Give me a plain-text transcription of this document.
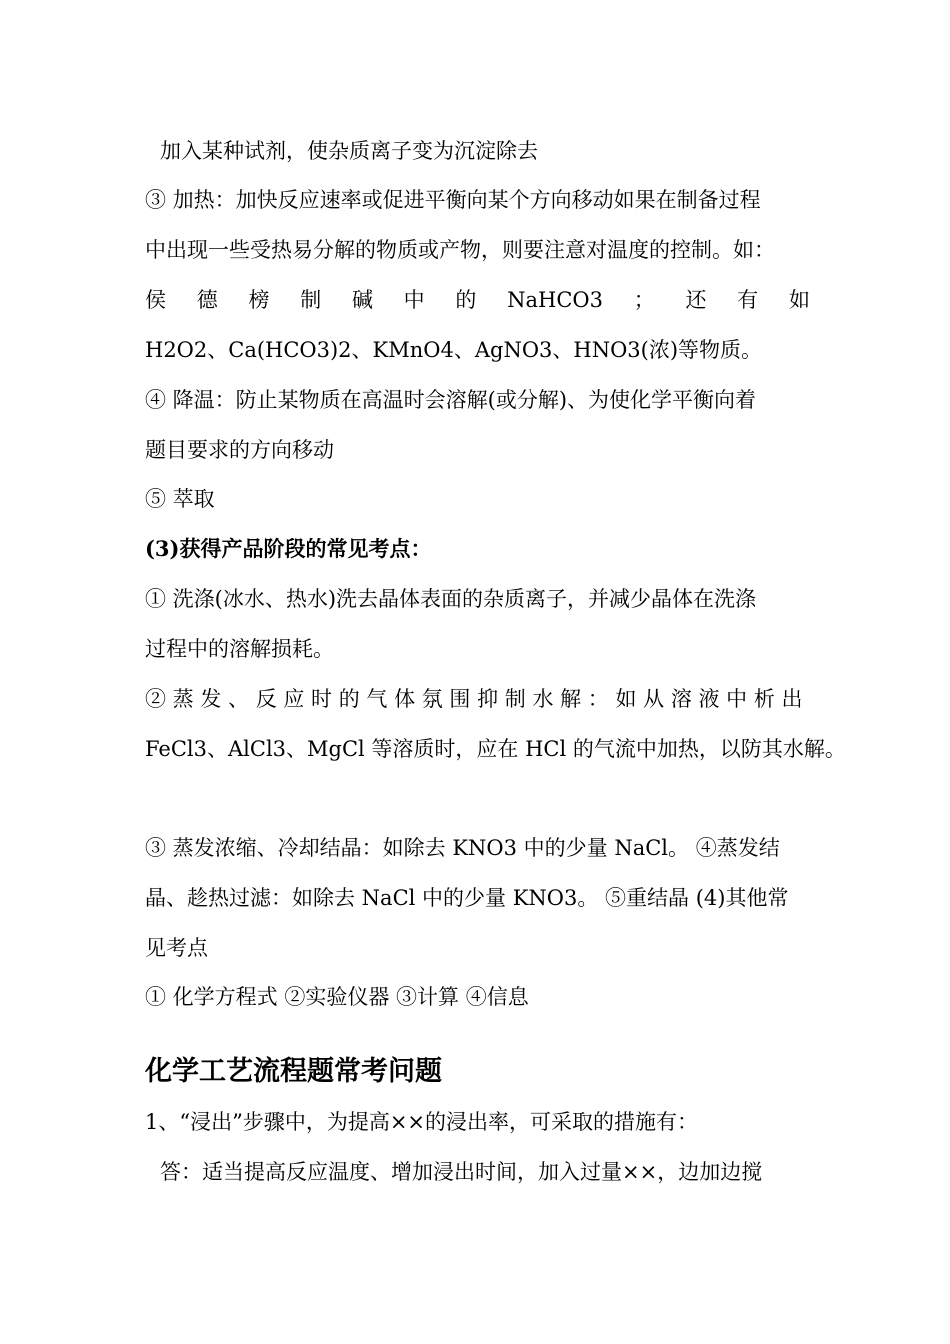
加入某种试剂，使杂质离子变为沉淀除去
③ 加热：加快反应速率或促进平衡向某个方向移动如果在制备过程
中出现一些受热易分解的物质或产物，则要注意对温度的控制。如：
侯 德 榜 制 碱 中 的 NaHCO3 ； 还 有 如
H2O2、Ca(HCO3)2、KMnO4、AgNO3、HNO3(浓)等物质。
④ 降温：防止某物质在高温时会溶解(或分解)、为使化学平衡向着
题目要求的方向移动
⑤ 萃取
(3)获得产品阶段的常见考点：
① 洗涤(冰水、热水)洗去晶体表面的杂质离子，并减少晶体在洗涤
过程中的溶解损耗。
② 蒸 发 、 反 应 时 的 气 体 氛 围 抑 制 水 解 ： 如 从 溶 液 中 析 出
FeCl3、AlCl3、MgCl 等溶质时，应在 HCl 的气流中加热，以防其水解。
③ 蒸发浓缩、冷却结晶：如除去 KNO3 中的少量 NaCl。 ④蒸发结
晶、趁热过滤：如除去 NaCl 中的少量 KNO3。 ⑤重结晶 (4)其他常
见考点
① 化学方程式 ②实验仪器 ③计算 ④信息
化学工艺流程题常考问题
1、“浸出”步骤中，为提高××的浸出率，可采取的措施有：
答：适当提高反应温度、增加浸出时间，加入过量××，边加边搅
